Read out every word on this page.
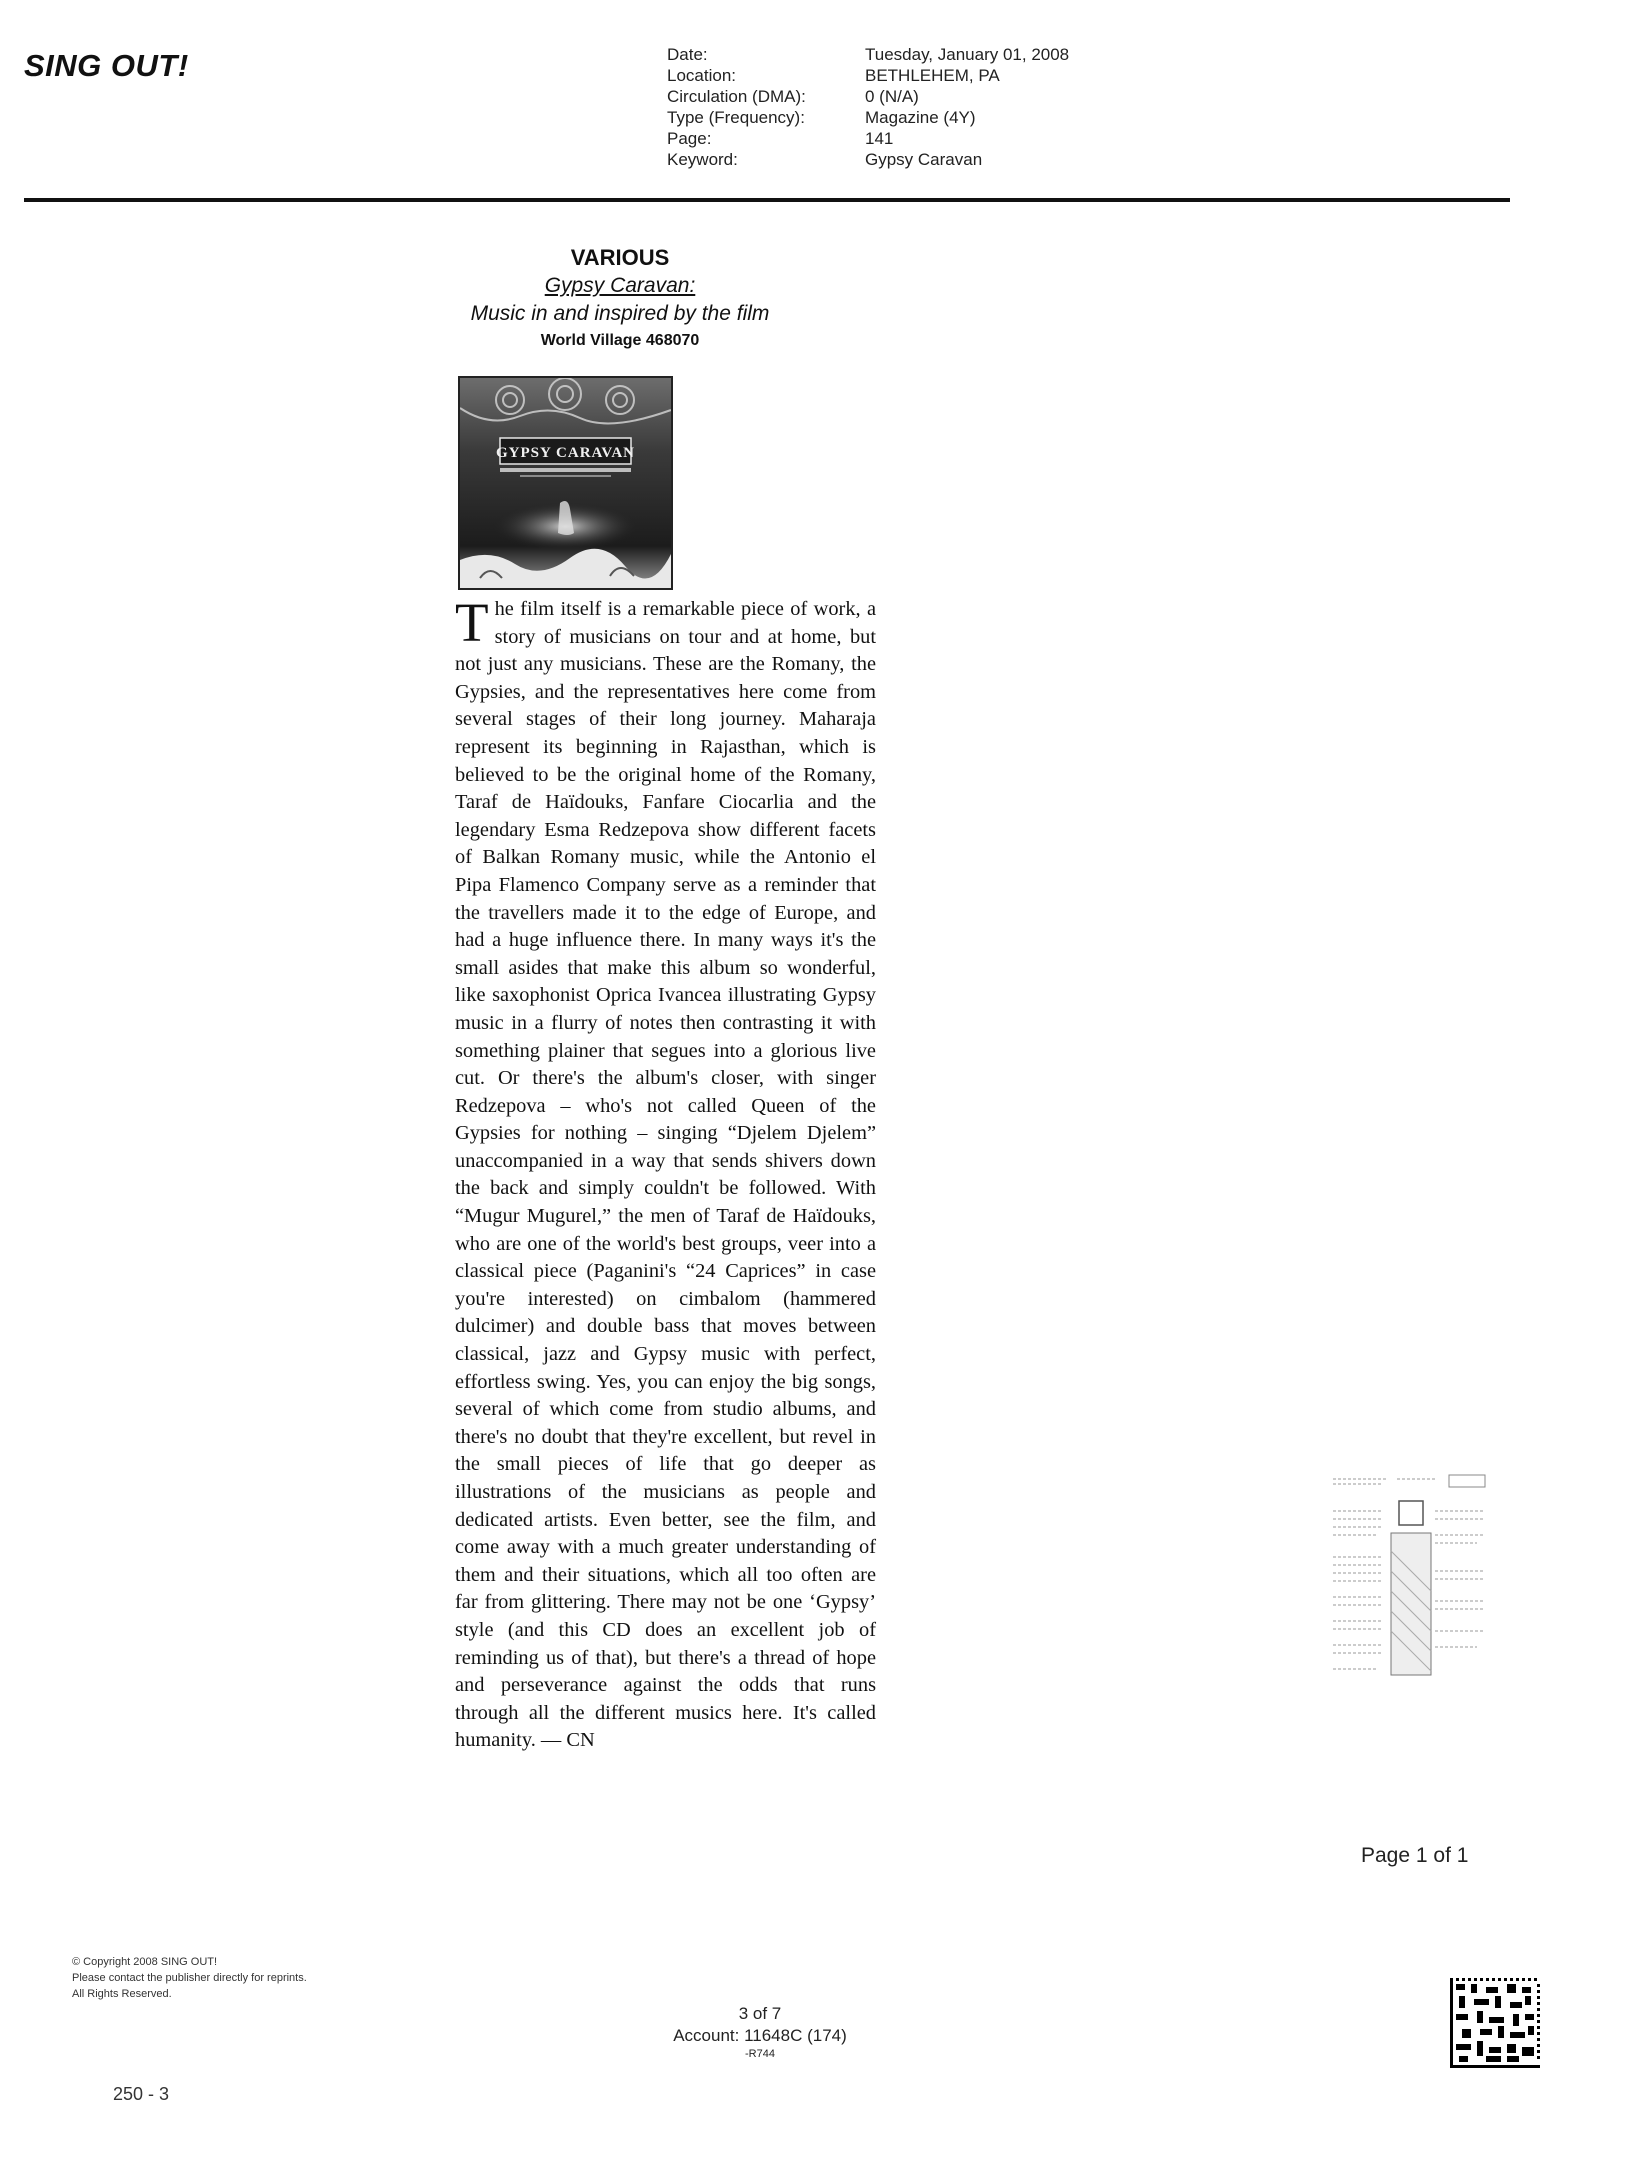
SING OUT!	Date:	Tuesday, January 01, 2008
Location:	BETHLEHEM, PA
Circulation (DMA):	0 (N/A)
Type (Frequency):	Magazine (4Y)
Page:	141
Keyword:	Gypsy Caravan
VARIOUS
Gypsy Caravan:
Music in and inspired by the film
World Village 468070
GYPSY CARAVAN

The film itself is a remarkable piece of work, a story of musicians on tour and at home, but not just any musicians. These are the Romany, the Gypsies, and the representatives here come from several stages of their long journey. Maharaja represent its beginning in Rajasthan, which is believed to be the original home of the Romany, Taraf de Haïdouks, Fanfare Ciocarlia and the legendary Esma Redzepova show different facets of Balkan Romany music, while the Antonio el Pipa Flamenco Company serve as a reminder that the travellers made it to the edge of Europe, and had a huge influence there. In many ways it's the small asides that make this album so wonderful, like saxophonist Oprica Ivancea illustrating Gypsy music in a flurry of notes then contrasting it with something plainer that segues into a glorious live cut. Or there's the album's closer, with singer Redzepova – who's not called Queen of the Gypsies for nothing – singing “Djelem Djelem” unaccompanied in a way that sends shivers down the back and simply couldn't be followed. With “Mugur Mugurel,” the men of Taraf de Haïdouks, who are one of the world's best groups, veer into a classical piece (Paganini's “24 Caprices” in case you're interested) on cimbalom (hammered dulcimer) and double bass that moves between classical, jazz and Gypsy music with perfect, effortless swing. Yes, you can enjoy the big songs, several of which come from studio albums, and there's no doubt that they're excellent, but revel in the small pieces of life that go deeper as illustrations of the musicians as people and dedicated artists. Even better, see the film, and come away with a much greater understanding of them and their situations, which all too often are far from glittering. There may not be one ‘Gypsy’ style (and this CD does an excellent job of reminding us of that), but there's a thread of hope and perseverance against the odds that runs through all the different musics here. It's called humanity. — CN

Page 1 of 1
© Copyright 2008 SING OUT!
Please contact the publisher directly for reprints.
All Rights Reserved.
3 of 7
Account: 11648C (174)
-R744
250 - 3
